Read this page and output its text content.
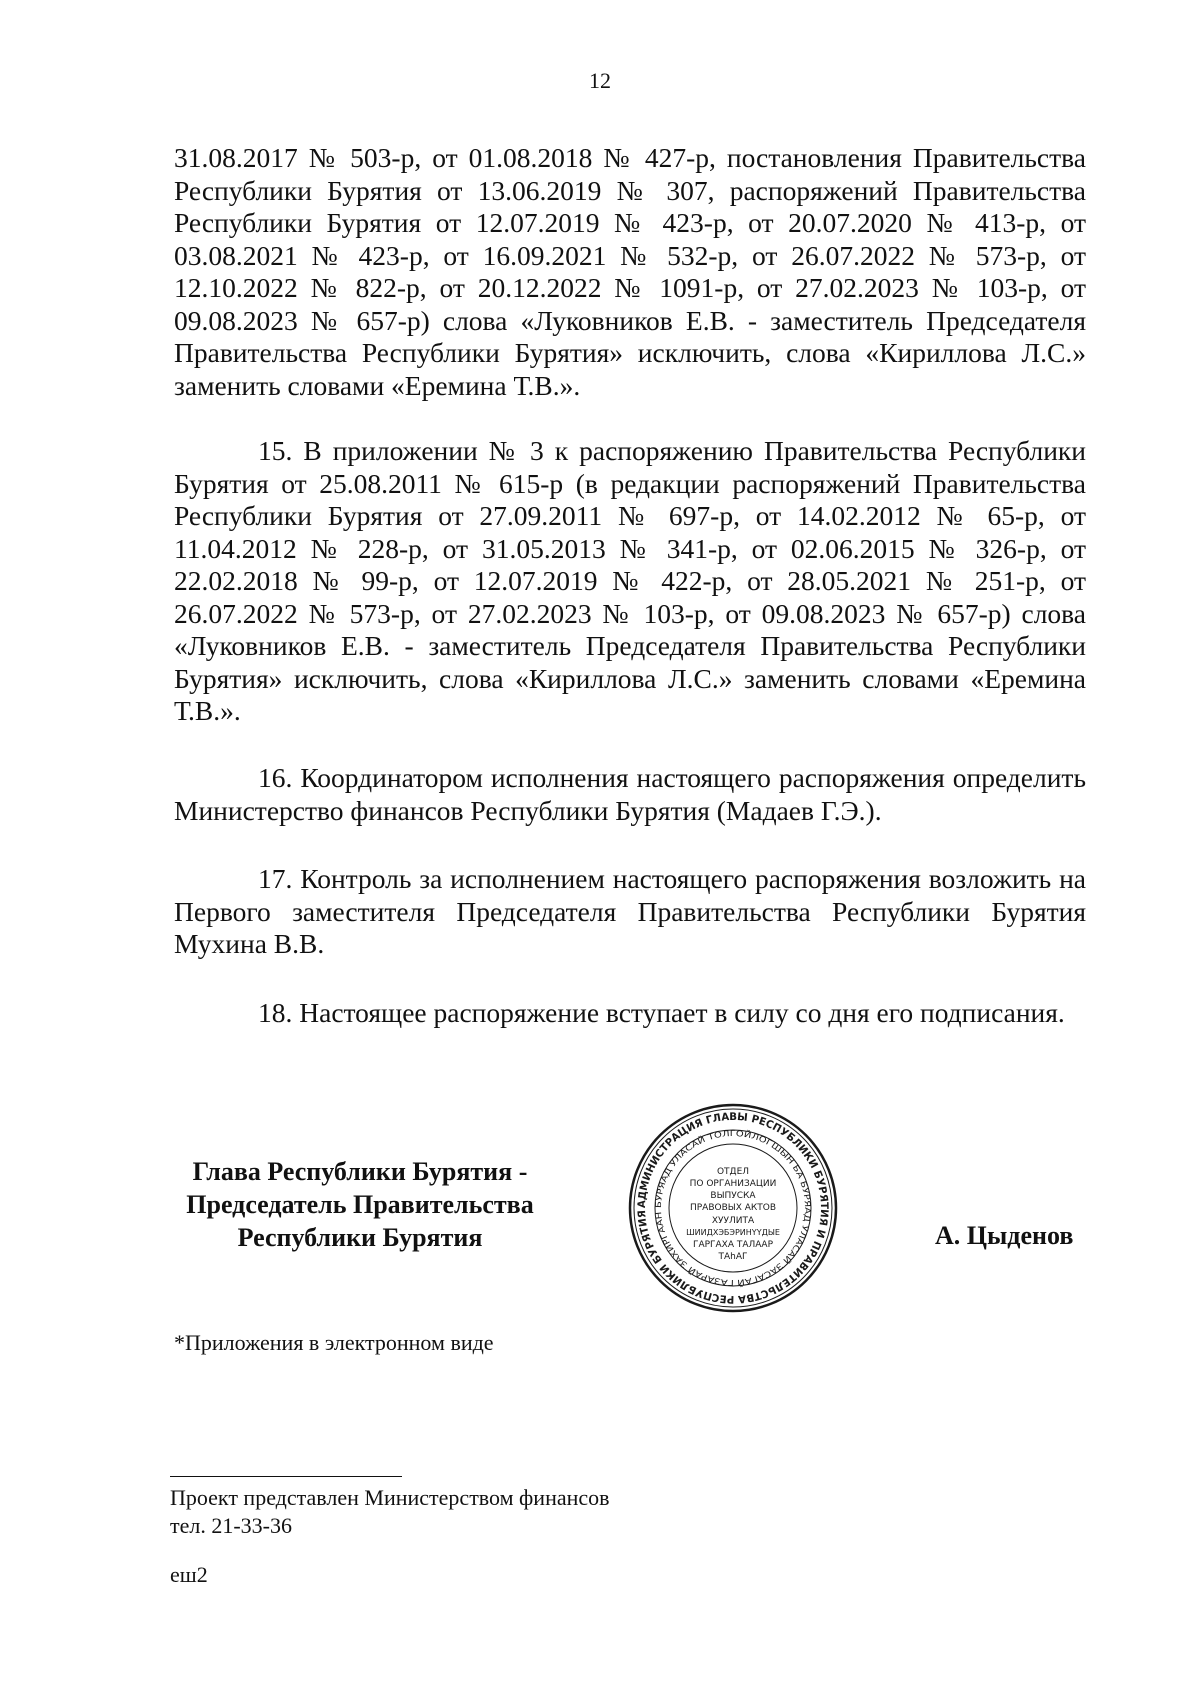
12

31.08.2017 № 503-р, от 01.08.2018 № 427-р, постановления Правительства Республики Бурятия от 13.06.2019 № 307, распоряжений Правительства Республики Бурятия от 12.07.2019 № 423-р, от 20.07.2020 № 413-р, от 03.08.2021 № 423-р, от 16.09.2021 № 532-р, от 26.07.2022 № 573-р, от 12.10.2022 № 822-р, от 20.12.2022 № 1091-р, от 27.02.2023 № 103-р, от 09.08.2023 № 657-р) слова «Луковников Е.В. - заместитель Председателя Правительства Республики Бурятия» исключить, слова «Кириллова Л.С.» заменить словами «Еремина Т.В.».

15. В приложении № 3 к распоряжению Правительства Республики Бурятия от 25.08.2011 № 615-р (в редакции распоряжений Правительства Республики Бурятия от 27.09.2011 № 697-р, от 14.02.2012 № 65-р, от 11.04.2012 № 228-р, от 31.05.2013 № 341-р, от 02.06.2015 № 326-р, от 22.02.2018 № 99-р, от 12.07.2019 № 422-р, от 28.05.2021 № 251-р, от 26.07.2022 № 573-р, от 27.02.2023 № 103-р, от 09.08.2023 № 657-р) слова «Луковников Е.В. - заместитель Председателя Правительства Республики Бурятия» исключить, слова «Кириллова Л.С.» заменить словами «Еремина Т.В.».

16. Координатором исполнения настоящего распоряжения определить Министерство финансов Республики Бурятия (Мадаев Г.Э.).

17. Контроль за исполнением настоящего распоряжения возложить на Первого заместителя Председателя Правительства Республики Бурятия Мухина В.В.

18. Настоящее распоряжение вступает в силу со дня его подписания.

Глава Республики Бурятия -
Председатель Правительства
Республики Бурятия
АДМИНИСТРАЦИЯ ГЛАВЫ РЕСПУБЛИКИ БУРЯТИЯ И ПРАВИТЕЛЬСТВА РЕСПУБЛИКИ БУРЯТИЯ
БУРЯАД УЛАСАЙ ТОЛГОЙЛОГШЫН БА БУРЯАД УЛАСАЙ ЗАСАГАЙ ГАЗАРАЙ ЗАХИРГААН
ОТДЕЛ
ПО ОРГАНИЗАЦИИ
ВЫПУСКА
ПРАВОВЫХ АКТОВ
ХУУЛИТА
ШИИДХЭБЭРИНҮҮДЫЕ
ГАРГАХА ТАЛААР
ТАһАГ
А. Цыденов
*Приложения в электронном виде
Проект представлен Министерством финансов
тел. 21-33-36
еш2
